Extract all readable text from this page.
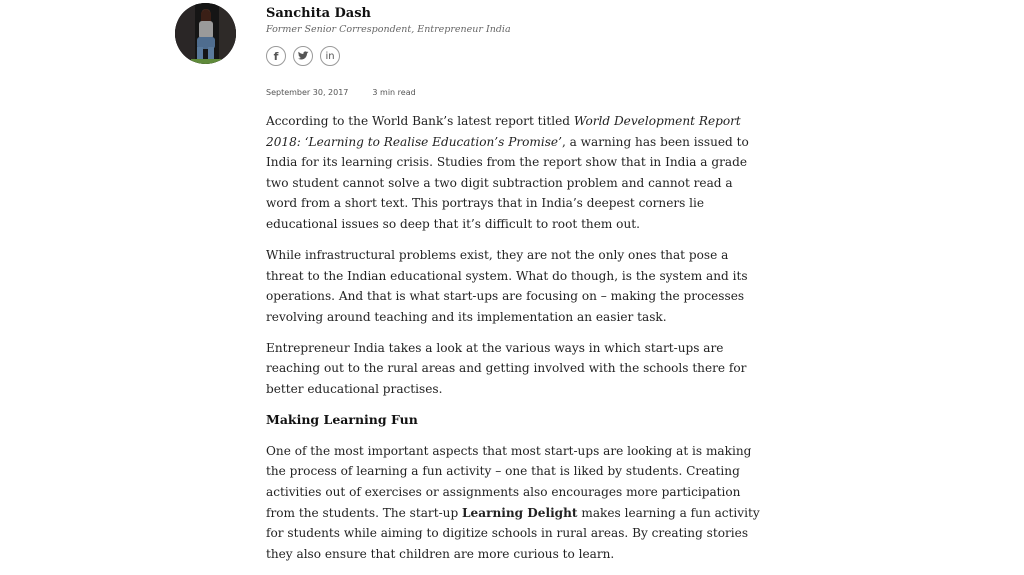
Sanchita Dash
Former Senior Correspondent, Entrepreneur India
f	in
September 30, 2017	3 min read

According to the World Bank’s latest report titled World Development Report 2018: ‘Learning to Realise Education’s Promise’, a warning has been issued to India for its learning crisis. Studies from the report show that in India a grade two student cannot solve a two digit subtraction problem and cannot read a word from a short text. This portrays that in India’s deepest corners lie educational issues so deep that it’s difficult to root them out.

While infrastructural problems exist, they are not the only ones that pose a threat to the Indian educational system. What do though, is the system and its operations. And that is what start-ups are focusing on – making the processes revolving around teaching and its implementation an easier task.

Entrepreneur India takes a look at the various ways in which start-ups are reaching out to the rural areas and getting involved with the schools there for better educational practises.

Making Learning Fun

One of the most important aspects that most start-ups are looking at is making the process of learning a fun activity – one that is liked by students. Creating activities out of exercises or assignments also encourages more participation from the students. The start-up Learning Delight makes learning a fun activity for students while aiming to digitize schools in rural areas. By creating stories they also ensure that children are more curious to learn.
